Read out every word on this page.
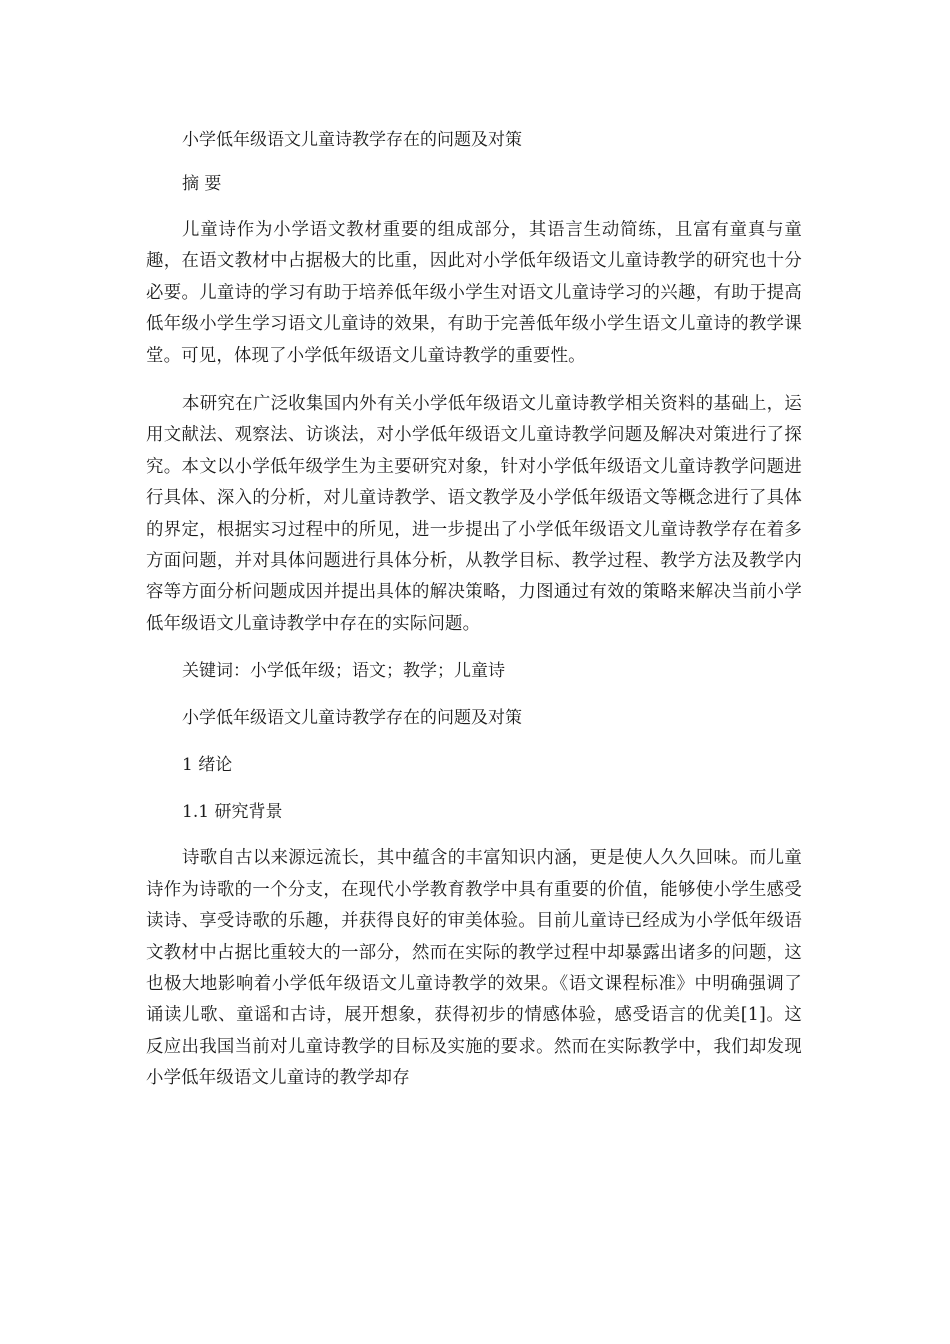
小学低年级语文儿童诗教学存在的问题及对策

摘 要

儿童诗作为小学语文教材重要的组成部分，其语言生动简练，且富有童真与童趣，在语文教材中占据极大的比重，因此对小学低年级语文儿童诗教学的研究也十分必要。儿童诗的学习有助于培养低年级小学生对语文儿童诗学习的兴趣，有助于提高低年级小学生学习语文儿童诗的效果，有助于完善低年级小学生语文儿童诗的教学课堂。可见，体现了小学低年级语文儿童诗教学的重要性。

本研究在广泛收集国内外有关小学低年级语文儿童诗教学相关资料的基础上，运用文献法、观察法、访谈法，对小学低年级语文儿童诗教学问题及解决对策进行了探究。本文以小学低年级学生为主要研究对象，针对小学低年级语文儿童诗教学问题进行具体、深入的分析，对儿童诗教学、语文教学及小学低年级语文等概念进行了具体的界定，根据实习过程中的所见，进一步提出了小学低年级语文儿童诗教学存在着多方面问题，并对具体问题进行具体分析，从教学目标、教学过程、教学方法及教学内容等方面分析问题成因并提出具体的解决策略，力图通过有效的策略来解决当前小学低年级语文儿童诗教学中存在的实际问题。

关键词：小学低年级；语文；教学；儿童诗

小学低年级语文儿童诗教学存在的问题及对策

1 绪论

1.1 研究背景

诗歌自古以来源远流长，其中蕴含的丰富知识内涵，更是使人久久回味。而儿童诗作为诗歌的一个分支，在现代小学教育教学中具有重要的价值，能够使小学生感受读诗、享受诗歌的乐趣，并获得良好的审美体验。目前儿童诗已经成为小学低年级语文教材中占据比重较大的一部分，然而在实际的教学过程中却暴露出诸多的问题，这也极大地影响着小学低年级语文儿童诗教学的效果。《语文课程标准》中明确强调了诵读儿歌、童谣和古诗，展开想象，获得初步的情感体验，感受语言的优美[1]。这反应出我国当前对儿童诗教学的目标及实施的要求。然而在实际教学中，我们却发现小学低年级语文儿童诗的教学却存
